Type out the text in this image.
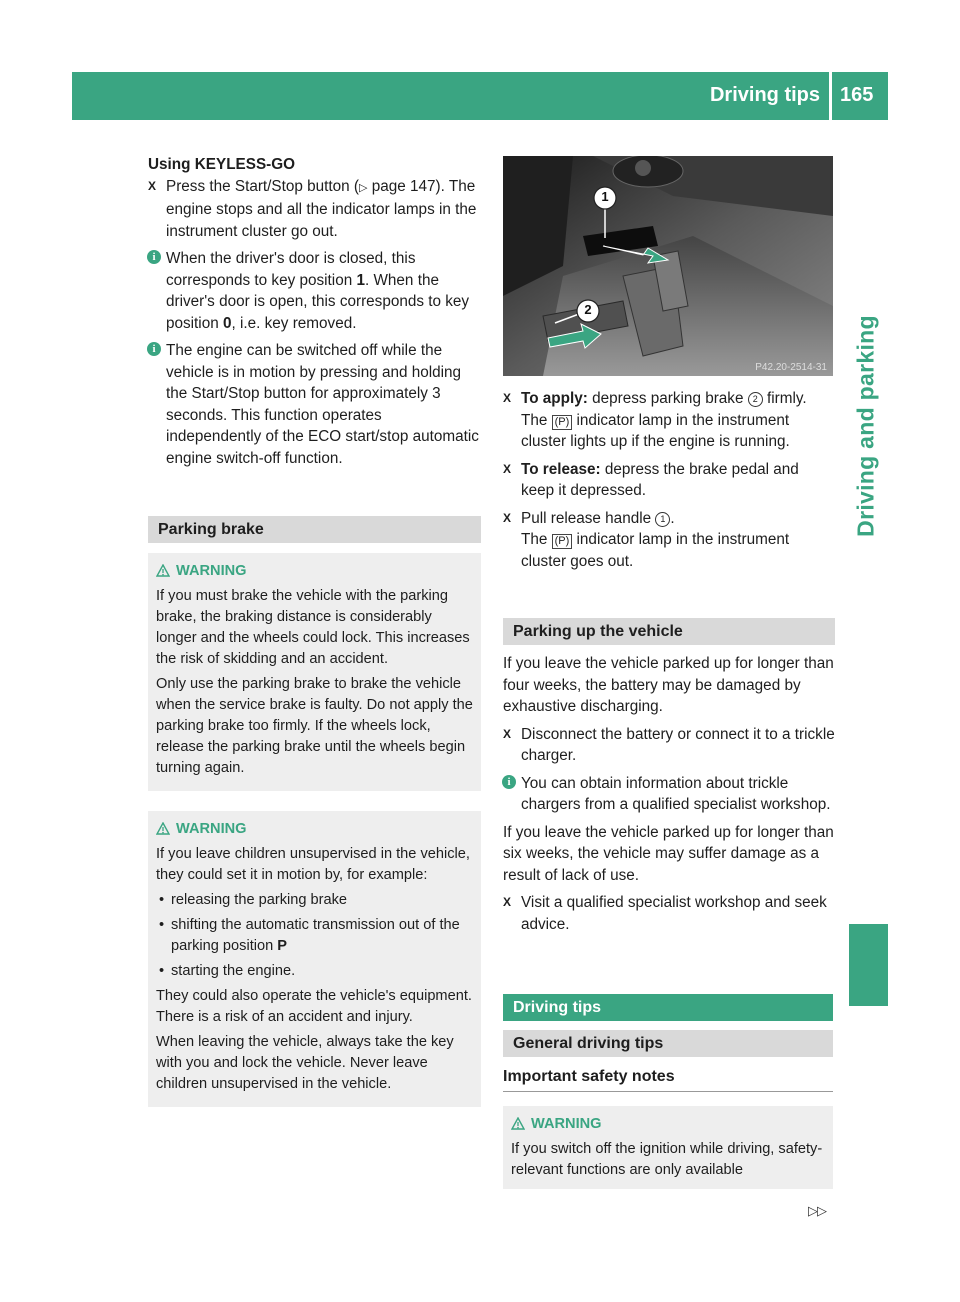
Driving tips 165
Driving and parking

Using KEYLESS-GO

X Press the Start/Stop button (▷ page 147). The engine stops and all the indicator lamps in the instrument cluster go out.
i When the driver's door is closed, this corresponds to key position 1. When the driver's door is open, this corresponds to key position 0, i.e. key removed.
i The engine can be switched off while the vehicle is in motion by pressing and holding the Start/Stop button for approximately 3 seconds. This function operates independently of the ECO start/stop automatic engine switch-off function.
Parking brake
WARNING

If you must brake the vehicle with the parking brake, the braking distance is considerably longer and the wheels could lock. This increases the risk of skidding and an accident.

Only use the parking brake to brake the vehicle when the service brake is faulty. Do not apply the parking brake too firmly. If the wheels lock, release the parking brake until the wheels begin turning again.

WARNING

If you leave children unsupervised in the vehicle, they could set it in motion by, for example:

• releasing the parking brake

• shifting the automatic transmission out of the parking position P

• starting the engine.

They could also operate the vehicle's equipment. There is a risk of an accident and injury.

When leaving the vehicle, always take the key with you and lock the vehicle. Never leave children unsupervised in the vehicle.

1
2
P42.20-2514-31
X To apply: depress parking brake 2 firmly.
The (P) indicator lamp in the instrument cluster lights up if the engine is running.
X To release: depress the brake pedal and keep it depressed.
X Pull release handle 1 .
The (P) indicator lamp in the instrument cluster goes out.
Parking up the vehicle

If you leave the vehicle parked up for longer than four weeks, the battery may be damaged by exhaustive discharging.

X Disconnect the battery or connect it to a trickle charger.
i You can obtain information about trickle chargers from a qualified specialist workshop.

If you leave the vehicle parked up for longer than six weeks, the vehicle may suffer damage as a result of lack of use.

X Visit a qualified specialist workshop and seek advice.
Driving tips
General driving tips

Important safety notes

WARNING

If you switch off the ignition while driving, safety-relevant functions are only available

▷▷
